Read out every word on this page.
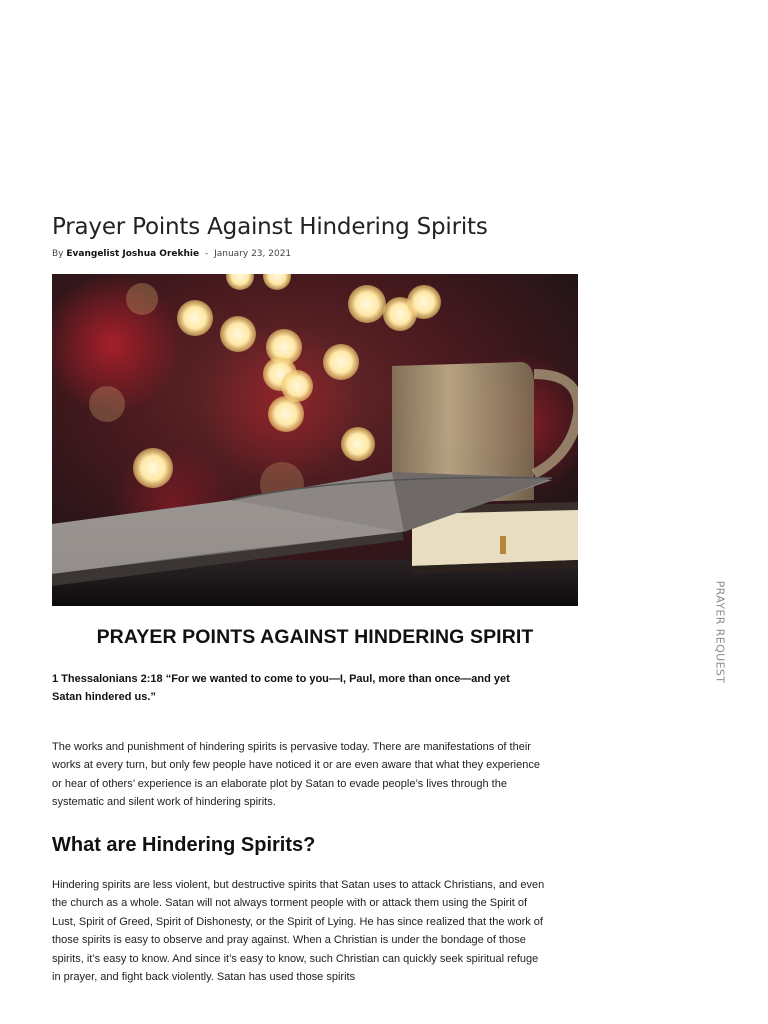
Prayer Points Against Hindering Spirits
By Evangelist Joshua Orekhie - January 23, 2021
PRAYER POINTS AGAINST HINDERING SPIRIT

1 Thessalonians 2:18 “For we wanted to come to you—I, Paul, more than once—and yet Satan hindered us.”

The works and punishment of hindering spirits is pervasive today. There are manifestations of their works at every turn, but only few people have noticed it or are even aware that what they experience or hear of others’ experience is an elaborate plot by Satan to evade people’s lives through the systematic and silent work of hindering spirits.

What are Hindering Spirits?

Hindering spirits are less violent, but destructive spirits that Satan uses to attack Christians, and even the church as a whole. Satan will not always torment people with or attack them using the Spirit of Lust, Spirit of Greed, Spirit of Dishonesty, or the Spirit of Lying. He has since realized that the work of those spirits is easy to observe and pray against. When a Christian is under the bondage of those spirits, it’s easy to know. And since it’s easy to know, such Christian can quickly seek spiritual refuge in prayer, and fight back violently. Satan has used those spirits

PRAYER REQUEST
